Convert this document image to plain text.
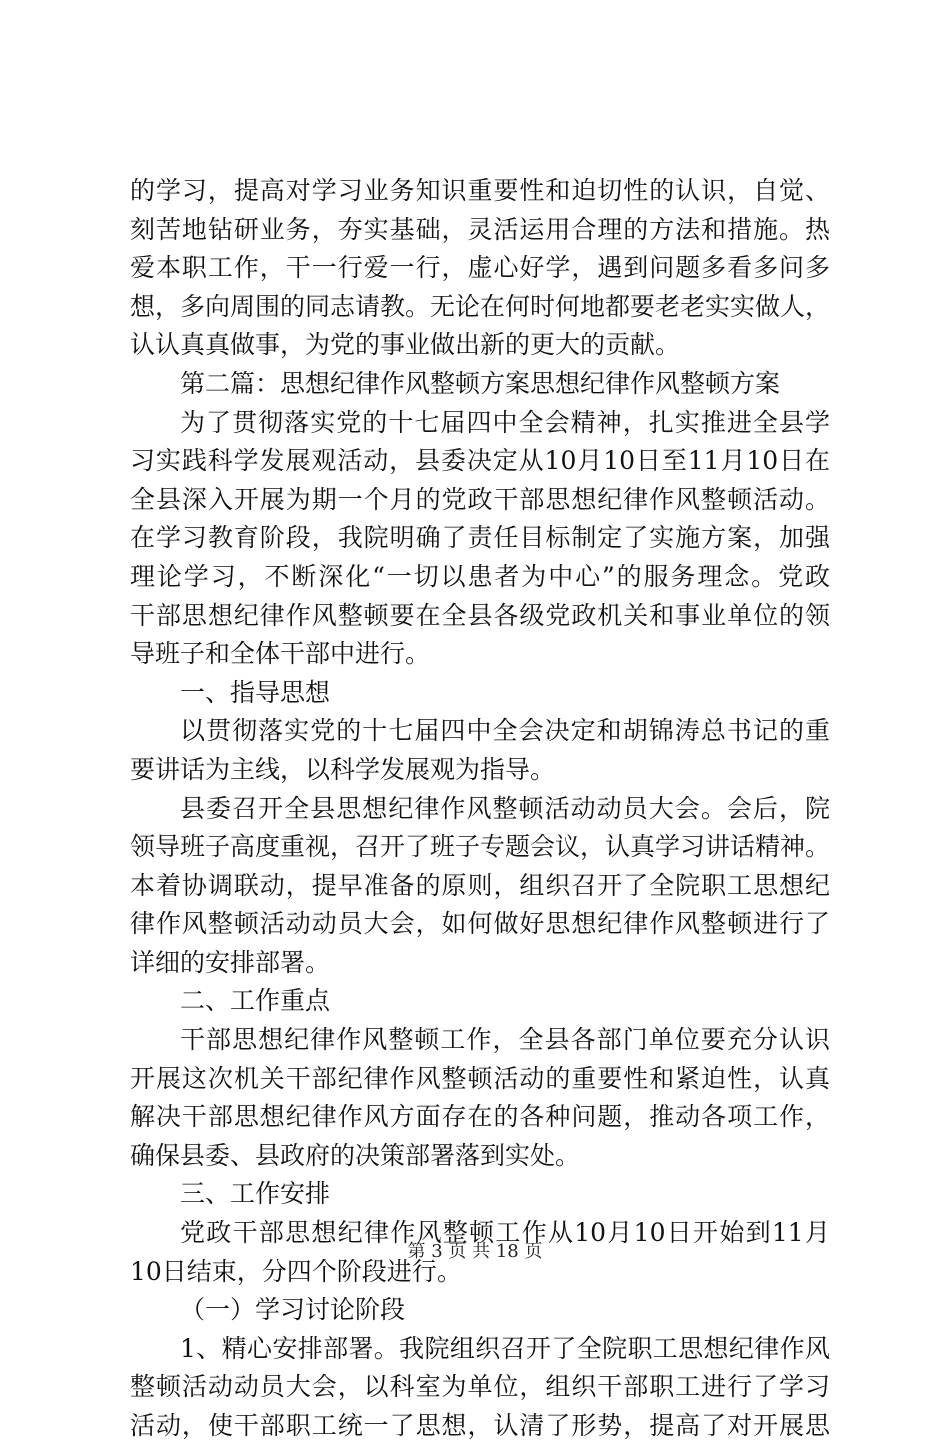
的学习，提高对学习业务知识重要性和迫切性的认识，自觉、
刻苦地钻研业务，夯实基础，灵活运用合理的方法和措施。热
爱本职工作，干一行爱一行，虚心好学，遇到问题多看多问多
想，多向周围的同志请教。无论在何时何地都要老老实实做人，
认认真真做事，为党的事业做出新的更大的贡献。
第二篇：思想纪律作风整顿方案思想纪律作风整顿方案
为了贯彻落实党的十七届四中全会精神，扎实推进全县学
习实践科学发展观活动，县委决定从10月10日至11月10日在
全县深入开展为期一个月的党政干部思想纪律作风整顿活动。
在学习教育阶段，我院明确了责任目标制定了实施方案，加强
理论学习，不断深化“一切以患者为中心”的服务理念。党政
干部思想纪律作风整顿要在全县各级党政机关和事业单位的领
导班子和全体干部中进行。
一、指导思想
以贯彻落实党的十七届四中全会决定和胡锦涛总书记的重
要讲话为主线，以科学发展观为指导。
县委召开全县思想纪律作风整顿活动动员大会。会后，院
领导班子高度重视，召开了班子专题会议，认真学习讲话精神。
本着协调联动，提早准备的原则，组织召开了全院职工思想纪
律作风整顿活动动员大会，如何做好思想纪律作风整顿进行了
详细的安排部署。
二、工作重点
干部思想纪律作风整顿工作，全县各部门单位要充分认识
开展这次机关干部纪律作风整顿活动的重要性和紧迫性，认真
解决干部思想纪律作风方面存在的各种问题，推动各项工作，
确保县委、县政府的决策部署落到实处。
三、工作安排
党政干部思想纪律作风整顿工作从10月10日开始到11月
10日结束，分四个阶段进行。
（一）学习讨论阶段
1、精心安排部署。我院组织召开了全院职工思想纪律作风
整顿活动动员大会，以科室为单位，组织干部职工进行了学习
活动，使干部职工统一了思想，认清了形势，提高了对开展思
第 3 页 共 18 页
